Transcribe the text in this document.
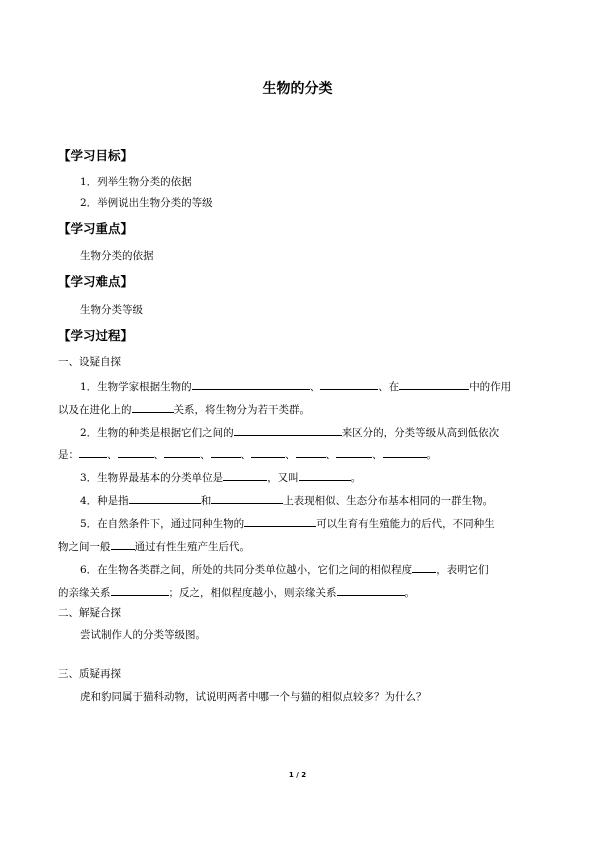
生物的分类
【学习目标】
1．列举生物分类的依据
2．举例说出生物分类的等级
【学习重点】
生物分类的依据
【学习难点】
生物分类等级
【学习过程】
一、设疑自探
1．生物学家根据生物的	、	、在	中的作用
以及在进化上的	关系，将生物分为若干类群。
2．生物的种类是根据它们之间的	来区分的，分类等级从高到低依次
是：	、	、	、	、	、	、	、	。
3．生物界最基本的分类单位是	，又叫	。
4．种是指	和	上表现相似、生态分布基本相同的一群生物。
5．在自然条件下，通过同种生物的	可以生育有生殖能力的后代，不同种生
物之间一般 通过有性生殖产生后代。
6．在生物各类群之间，所处的共同分类单位越小，它们之间的相似程度 ，表明它们
的亲缘关系	；反之，相似程度越小，则亲缘关系	。
二、解疑合探
尝试制作人的分类等级图。
三、质疑再探
虎和豹同属于猫科动物，试说明两者中哪一个与猫的相似点较多？为什么？
1 / 2
